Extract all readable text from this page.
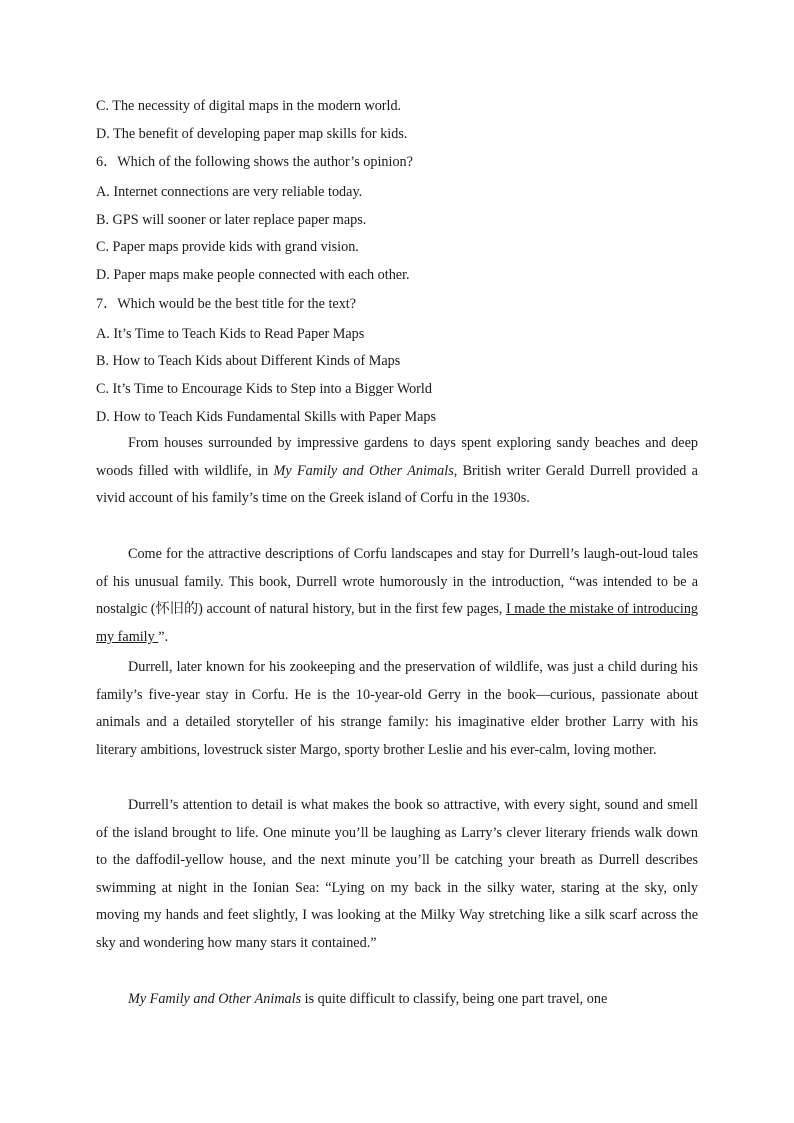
C. The necessity of digital maps in the modern world.
D. The benefit of developing paper map skills for kids.
6．Which of the following shows the author’s opinion?
A. Internet connections are very reliable today.
B. GPS will sooner or later replace paper maps.
C. Paper maps provide kids with grand vision.
D. Paper maps make people connected with each other.
7．Which would be the best title for the text?
A. It’s Time to Teach Kids to Read Paper Maps
B. How to Teach Kids about Different Kinds of Maps
C. It’s Time to Encourage Kids to Step into a Bigger World
D. How to Teach Kids Fundamental Skills with Paper Maps

From houses surrounded by impressive gardens to days spent exploring sandy beaches and deep woods filled with wildlife, in My Family and Other Animals, British writer Gerald Durrell provided a vivid account of his family’s time on the Greek island of Corfu in the 1930s.

Come for the attractive descriptions of Corfu landscapes and stay for Durrell’s laugh-out-loud tales of his unusual family. This book, Durrell wrote humorously in the introduction, “was intended to be a nostalgic (怀旧的) account of natural history, but in the first few pages, I made the mistake of introducing my family ”.

Durrell, later known for his zookeeping and the preservation of wildlife, was just a child during his family’s five-year stay in Corfu. He is the 10-year-old Gerry in the book—curious, passionate about animals and a detailed storyteller of his strange family: his imaginative elder brother Larry with his literary ambitions, lovestruck sister Margo, sporty brother Leslie and his ever-calm, loving mother.

Durrell’s attention to detail is what makes the book so attractive, with every sight, sound and smell of the island brought to life. One minute you’ll be laughing as Larry’s clever literary friends walk down to the daffodil-yellow house, and the next minute you’ll be catching your breath as Durrell describes swimming at night in the Ionian Sea: “Lying on my back in the silky water, staring at the sky, only moving my hands and feet slightly, I was looking at the Milky Way stretching like a silk scarf across the sky and wondering how many stars it contained.”

My Family and Other Animals is quite difficult to classify, being one part travel, one
